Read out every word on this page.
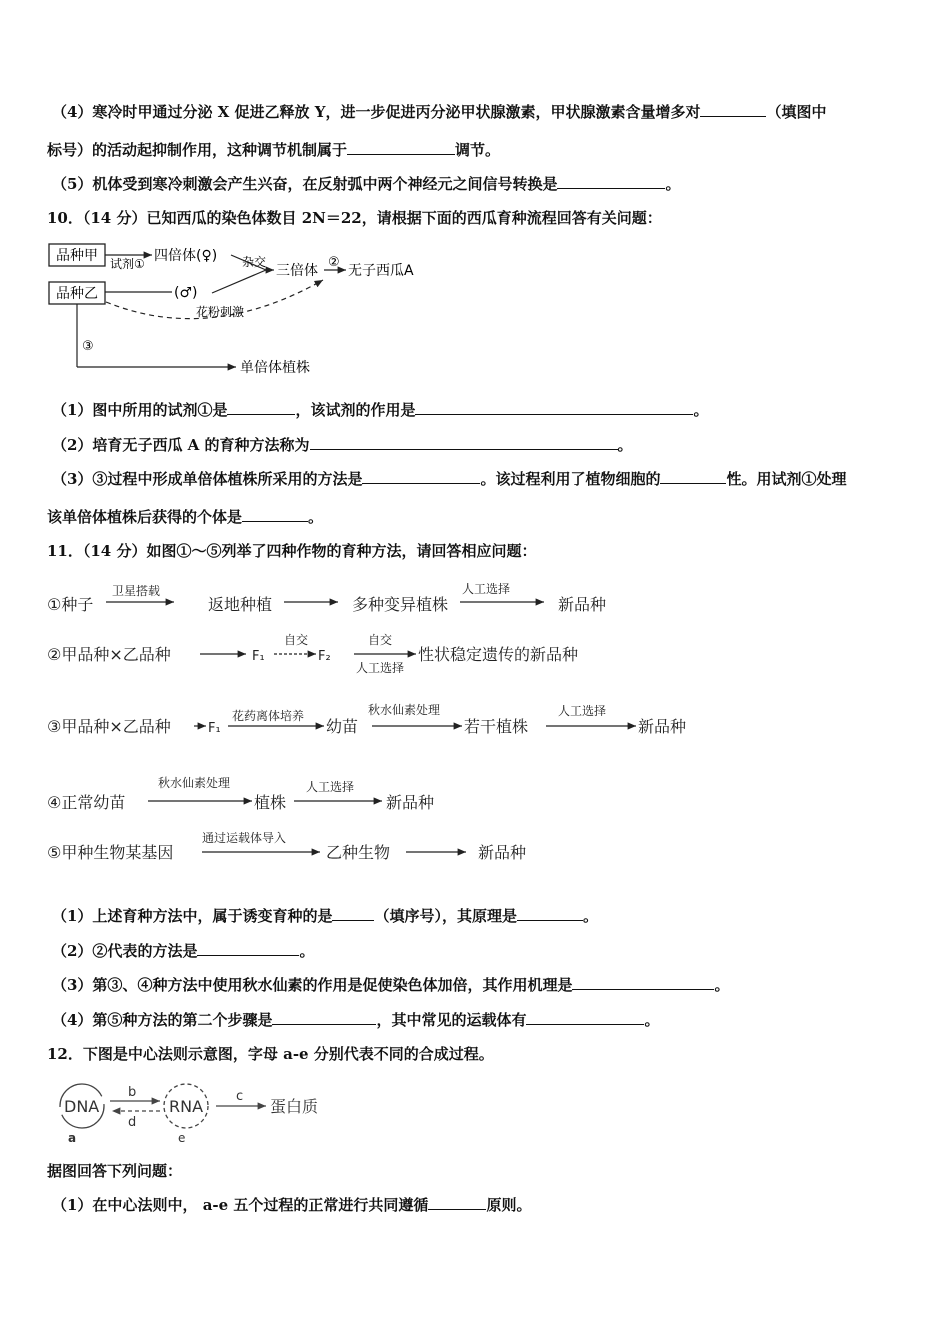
（4）寒冷时甲通过分泌 X 促进乙释放 Y，进一步促进丙分泌甲状腺激素，甲状腺激素含量增多对	（填图中
标号）的活动起抑制作用，这种调节机制属于	调节。
（5）机体受到寒冷刺激会产生兴奋，在反射弧中两个神经元之间信号转换是	。
10．（14 分）已知西瓜的染色体数目 2N＝22，请根据下面的西瓜育种流程回答有关问题：
品种甲
品种乙
试剂① 四倍体(♀)
(♂)
杂交
三倍体
②
无子西瓜A
花粉刺激
③
单倍体植株
（1）图中所用的试剂①是	，该试剂的作用是	。
（2）培育无子西瓜 A 的育种方法称为	。
（3）③过程中形成单倍体植株所采用的方法是	。该过程利用了植物细胞的	性。用试剂①处理
该单倍体植株后获得的个体是	。
11．（14 分）如图①～⑤列举了四种作物的育种方法，请回答相应问题：
①种子
卫星搭载
返地种植	多种变异植株
人工选择
新品种
②甲品种×乙品种	F₁
自交
F₂
自交
人工选择
性状稳定遗传的新品种
③甲品种×乙品种	F₁
花药离体培养
幼苗
秋水仙素处理
若干植株
人工选择
新品种
④正常幼苗
秋水仙素处理
植株
人工选择
新品种
⑤甲种生物某基因
通过运载体导入
乙种生物	新品种
（1）上述育种方法中，属于诱变育种的是	（填序号），其原理是	。
（2）②代表的方法是	。
（3）第③、④种方法中使用秋水仙素的作用是促使染色体加倍，其作用机理是	。
（4）第⑤种方法的第二个步骤是	，其中常见的运载体有	。
12．下图是中心法则示意图，字母 a-e 分别代表不同的合成过程。
DNA
a
b
d
RNA
e
c
蛋白质
据图回答下列问题：
（1）在中心法则中， a-e 五个过程的正常进行共同遵循	原则。
